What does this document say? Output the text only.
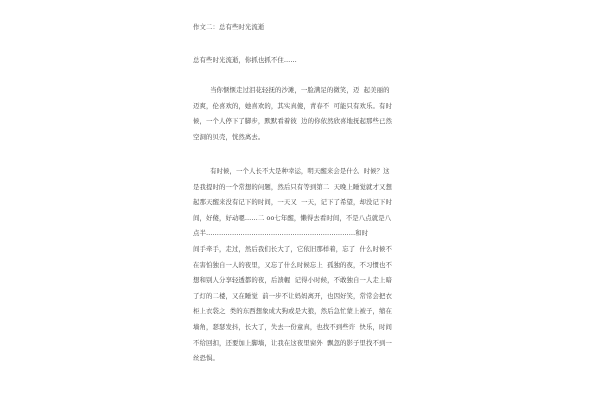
作文二：总有些时光流逝
总有些时光流逝，你抓也抓不住……
当你惬惬走过泪花轻抚的沙滩，一脸满足的微笑，迈  起美丽的
迈爽，伦喜欢的，她喜欢的，其实真傻，青春不  可能只有欢乐。有时
候，一个人停下了脚步，默默看着彼  边的你依然欣喜地抚起那些已然
空洞的贝壳，恍然离去。
有时候，一个人长不大是种幸运，明天醒来会是什么  时候？这
是我提时的一个常想的问题，然后只有等到第二  天晚上睡觉就才又想
起那天醒来没有记下的时间，一天又  一天，记下了希望，却没记下时
间，好傻，好动嗯……二 oo七年醒，懒得去看时间，不是八点就是八
点半……………………………………………………………和时
间手牵手，走过，然后我们长大了，它依旧那样着，忘了  什么时候不
在害怕独自一人的夜里，又忘了什么时候忘上  孤独的夜，不习惯也不
想和别人分享轻透都的夜，后溃幄  记得小时候，不敢独自一人走上暗
了灯的二楼，又在睡觉  前一步不让妈妈离开，也因好笑，常常会把衣
柜上衣袋之  类的东西想象成大狗或是大狼，然后急忙蒙上被子，缩在
墙角，瑟瑟发抖，长大了，失去一份童真，也找不到些许  快乐，时间
不给回扣，还要加上脚墙，让我在这夜里窗外  飘忽的影子里找不到一
丝恐惧。
